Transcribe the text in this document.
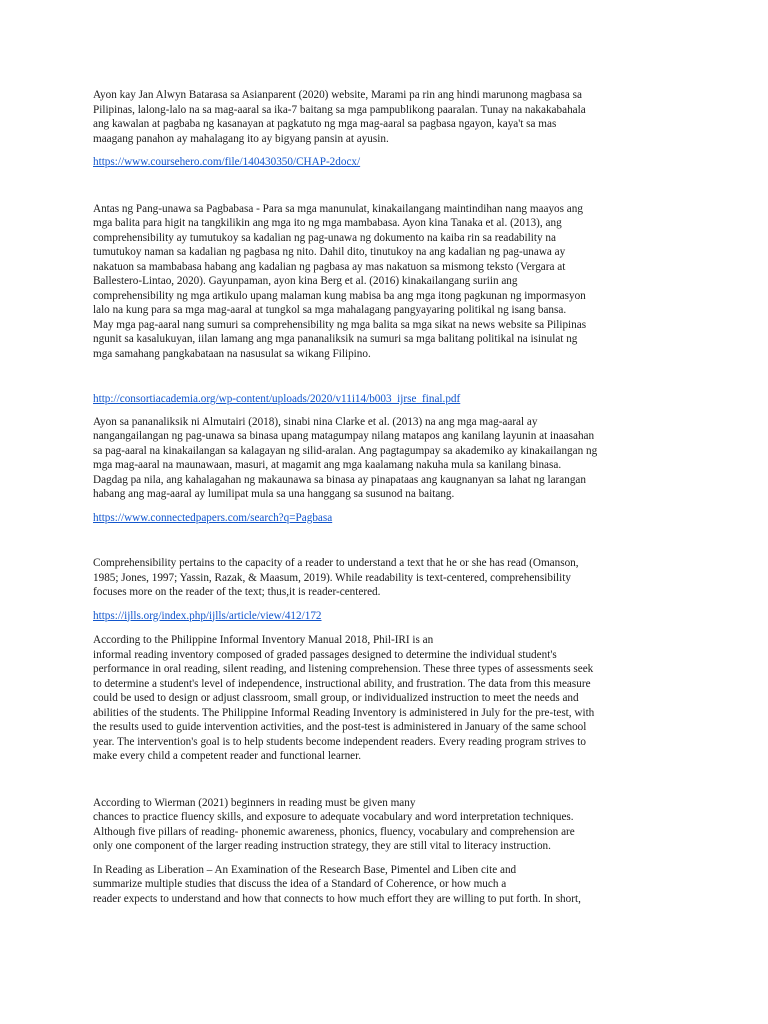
Ayon kay Jan Alwyn Batarasa sa Asianparent (2020) website, Marami pa rin ang hindi marunong magbasa sa
Pilipinas, lalong-lalo na sa mag-aaral sa ika-7 baitang sa mga pampublikong paaralan. Tunay na nakakabahala
ang kawalan at pagbaba ng kasanayan at pagkatuto ng mga mag-aaral sa pagbasa ngayon, kaya't sa mas
maagang panahon ay mahalagang ito ay bigyang pansin at ayusin.
https://www.coursehero.com/file/140430350/CHAP-2docx/
Antas ng Pang-unawa sa Pagbabasa - Para sa mga manunulat, kinakailangang maintindihan nang maayos ang
mga balita para higit na tangkilikin ang mga ito ng mga mambabasa. Ayon kina Tanaka et al. (2013), ang
comprehensibility ay tumutukoy sa kadalian ng pag-unawa ng dokumento na kaiba rin sa readability na
tumutukoy naman sa kadalian ng pagbasa ng nito. Dahil dito, tinutukoy na ang kadalian ng pag-unawa ay
nakatuon sa mambabasa habang ang kadalian ng pagbasa ay mas nakatuon sa mismong teksto (Vergara at
Ballestero-Lintao, 2020). Gayunpaman, ayon kina Berg et al. (2016) kinakailangang suriin ang
comprehensibility ng mga artikulo upang malaman kung mabisa ba ang mga itong pagkunan ng impormasyon
lalo na kung para sa mga mag-aaral at tungkol sa mga mahalagang pangyayaring politikal ng isang bansa.
May mga pag-aaral nang sumuri sa comprehensibility ng mga balita sa mga sikat na news website sa Pilipinas
ngunit sa kasalukuyan, iilan lamang ang mga pananaliksik na sumuri sa mga balitang politikal na isinulat ng
mga samahang pangkabataan na nasusulat sa wikang Filipino.
http://consortiacademia.org/wp-content/uploads/2020/v11i14/b003_ijrse_final.pdf
Ayon sa pananaliksik ni Almutairi (2018), sinabi nina Clarke et al. (2013) na ang mga mag-aaral ay
nangangailangan ng pag-unawa sa binasa upang matagumpay nilang matapos ang kanilang layunin at inaasahan
sa pag-aaral na kinakailangan sa kalagayan ng silid-aralan. Ang pagtagumpay sa akademiko ay kinakailangan ng
mga mag-aaral na maunawaan, masuri, at magamit ang mga kaalamang nakuha mula sa kanilang binasa.
Dagdag pa nila, ang kahalagahan ng makaunawa sa binasa ay pinapataas ang kaugnanyan sa lahat ng larangan
habang ang mag-aaral ay lumilipat mula sa una hanggang sa susunod na baitang.
https://www.connectedpapers.com/search?q=Pagbasa
Comprehensibility pertains to the capacity of a reader to understand a text that he or she has read (Omanson,
1985; Jones, 1997; Yassin, Razak, & Maasum, 2019). While readability is text-centered, comprehensibility
focuses more on the reader of the text; thus,it is reader-centered.
https://ijlls.org/index.php/ijlls/article/view/412/172
According to the Philippine Informal Inventory Manual 2018, Phil-IRI is an
informal reading inventory composed of graded passages designed to determine the individual student's
performance in oral reading, silent reading, and listening comprehension. These three types of assessments seek
to determine a student's level of independence, instructional ability, and frustration. The data from this measure
could be used to design or adjust classroom, small group, or individualized instruction to meet the needs and
abilities of the students. The Philippine Informal Reading Inventory is administered in July for the pre-test, with
the results used to guide intervention activities, and the post-test is administered in January of the same school
year. The intervention's goal is to help students become independent readers. Every reading program strives to
make every child a competent reader and functional learner.
According to Wierman (2021) beginners in reading must be given many
chances to practice fluency skills, and exposure to adequate vocabulary and word interpretation techniques.
Although five pillars of reading- phonemic awareness, phonics, fluency, vocabulary and comprehension are
only one component of the larger reading instruction strategy, they are still vital to literacy instruction.
In Reading as Liberation – An Examination of the Research Base, Pimentel and Liben cite and
summarize multiple studies that discuss the idea of a Standard of Coherence, or how much a
reader expects to understand and how that connects to how much effort they are willing to put forth. In short,
